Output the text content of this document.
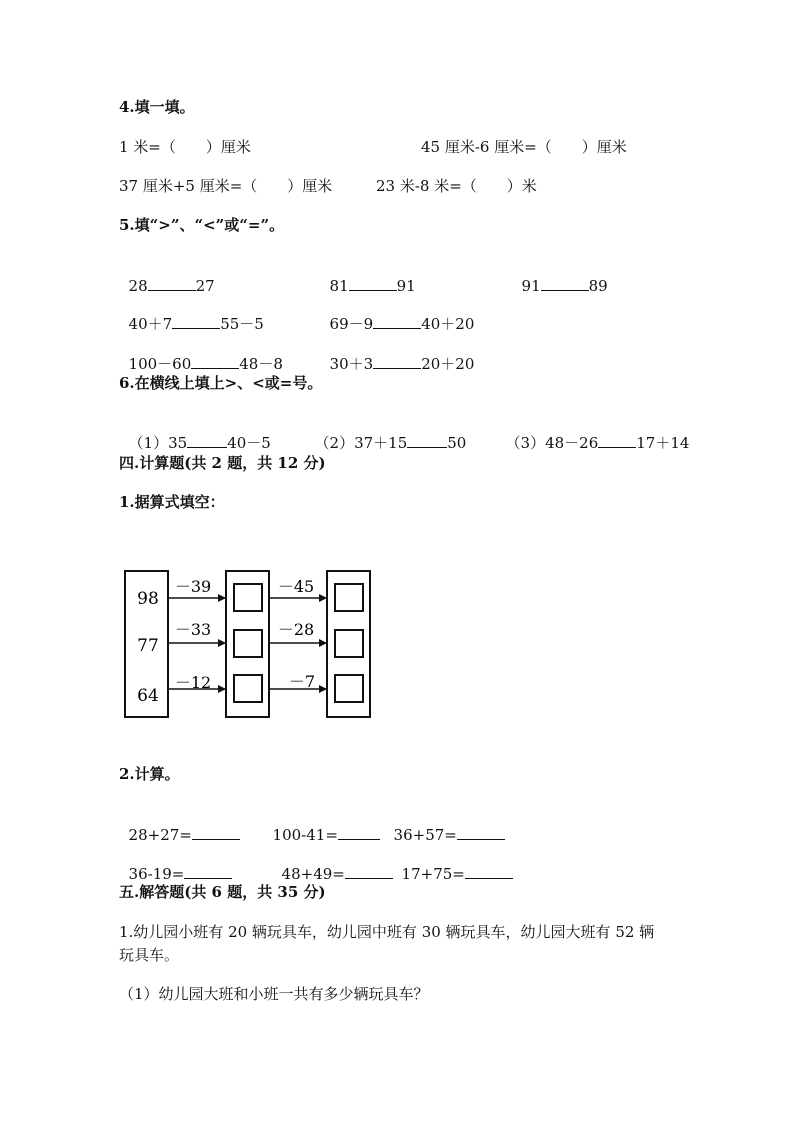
4.填一填。
1 米=（　　）厘米	45 厘米-6 厘米=（　　）厘米
37 厘米+5 厘米=（　　）厘米	23 米-8 米=（　　）米
5.填“>”、“<”或“=”。

28	27	81	91	91	89

40＋7	55－5	69－9	40＋20

100－60	48－8	30＋3	20＋20

6.在横线上填上>、<或=号。

（1）35	40－5	（2）37＋15	50	（3）48－26	17＋14

四.计算题(共 2 题，共 12 分)
1.据算式填空：
98
77
64
－39
－33
－12
－45
－28
－7
2.计算。

28+27=	100-41=	36+57=

36-19=	48+49=	17+75=

五.解答题(共 6 题，共 35 分)
1.幼儿园小班有 20 辆玩具车，幼儿园中班有 30 辆玩具车，幼儿园大班有 52 辆
玩具车。
（1）幼儿园大班和小班一共有多少辆玩具车？
